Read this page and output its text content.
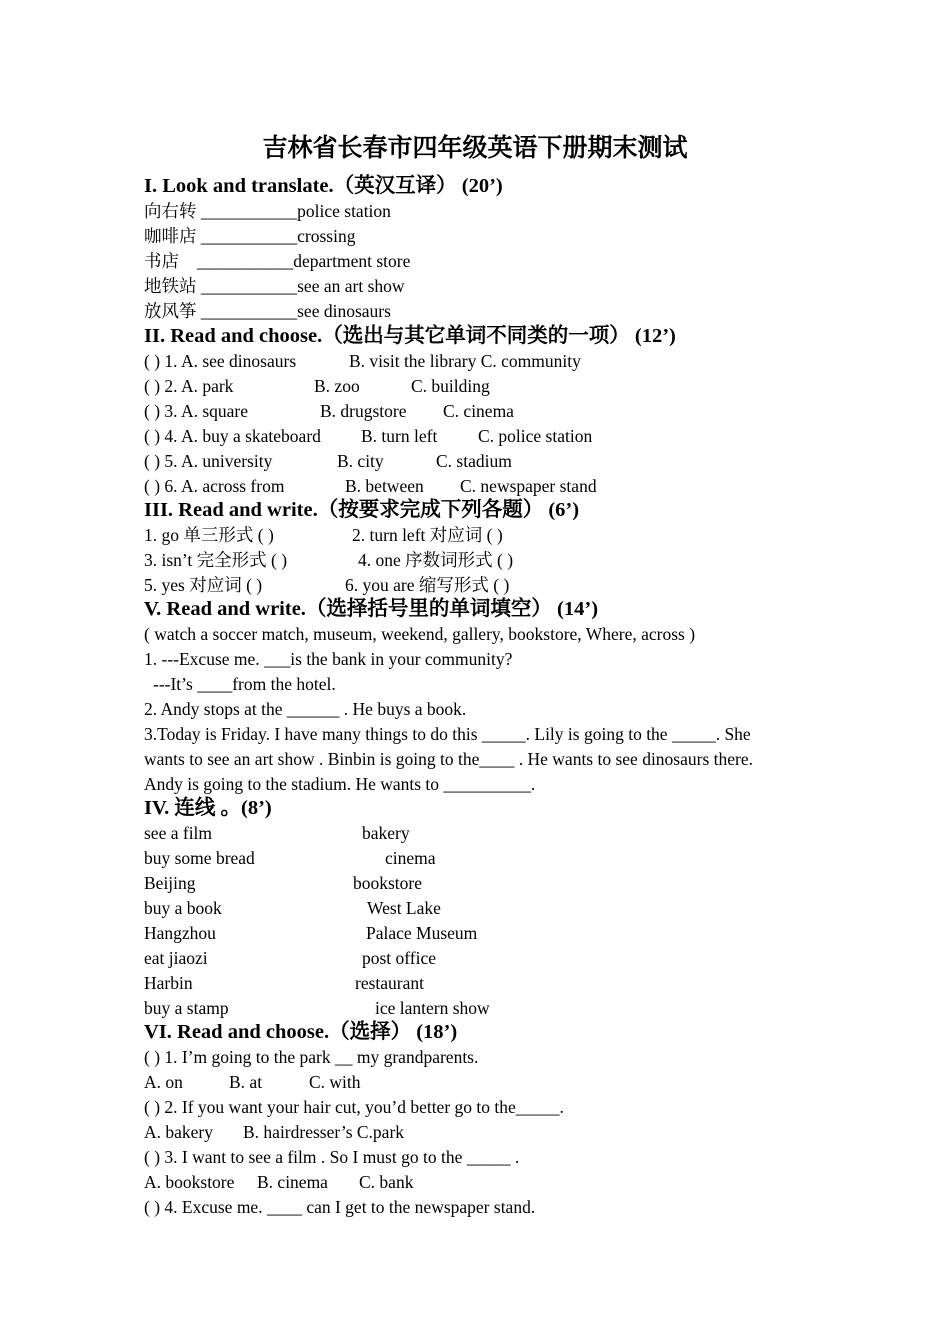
吉林省长春市四年级英语下册期末测试
I. Look and translate.（英汉互译） (20’)
向右转 ___________police station
咖啡店 ___________crossing
书店 ___________department store
地铁站 ___________see an art show
放风筝 ___________see dinosaurs
II. Read and choose.（选出与其它单词不同类的一项） (12’)
( ) 1. A. see dinosaurs	B. visit the library C. community
( ) 2. A. park	B. zoo	C. building
( ) 3. A. square	B. drugstore C. cinema
( ) 4. A. buy a skateboard B. turn left C. police station
( ) 5. A. university	B. city	C. stadium
( ) 6. A. across from	B. between C. newspaper stand
III. Read and write.（按要求完成下列各题） (6’)
1. go 单三形式 ( )	2. turn left 对应词 ( )
3. isn’t 完全形式 ( )	4. one 序数词形式 ( )
5. yes 对应词 ( )	6. you are 缩写形式 ( )
V. Read and write.（选择括号里的单词填空） (14’)
( watch a soccer match, museum, weekend, gallery, bookstore, Where, across )
1. ---Excuse me. ___is the bank in your community?
---It’s ____from the hotel.
2. Andy stops at the ______ . He buys a book.
3.Today is Friday. I have many things to do this _____. Lily is going to the _____. She
wants to see an art show . Binbin is going to the____ . He wants to see dinosaurs there.
Andy is going to the stadium. He wants to __________.
IV. 连线 。(8’)
see a film	bakery
buy some bread	cinema
Beijing	bookstore
buy a book	West Lake
Hangzhou	Palace Museum
eat jiaozi	post office
Harbin	restaurant
buy a stamp	ice lantern show
VI. Read and choose.（选择） (18’)
( ) 1. I’m going to the park __ my grandparents.
A. on	B. at	C. with
( ) 2. If you want your hair cut, you’d better go to the_____.
A. bakery B. hairdresser’s C.park
( ) 3. I want to see a film . So I must go to the _____ .
A. bookstore B. cinema C. bank
( ) 4. Excuse me. ____ can I get to the newspaper stand.
